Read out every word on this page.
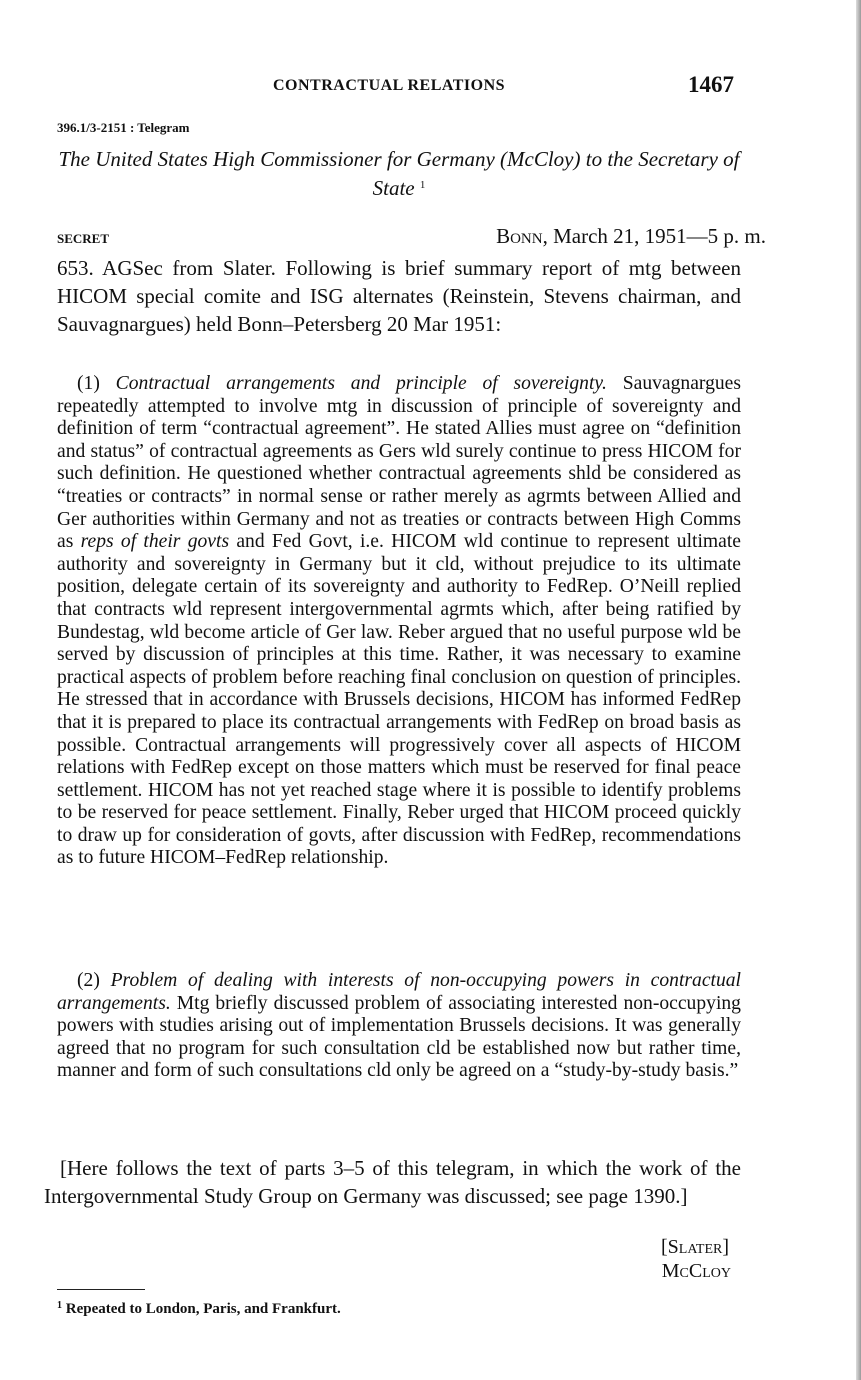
CONTRACTUAL RELATIONS	1467
396.1/3-2151 : Telegram
The United States High Commissioner for Germany (McCloy) to the Secretary of State $^1$
SECRET	Bonn, March 21, 1951—5 p. m.
653. AGSec from Slater. Following is brief summary report of mtg between HICOM special comite and ISG alternates (Reinstein, Stevens chairman, and Sauvagnargues) held Bonn–Petersberg 20 Mar 1951:
(1) Contractual arrangements and principle of sovereignty. Sauvagnargues repeatedly attempted to involve mtg in discussion of principle of sovereignty and definition of term “contractual agreement”. He stated Allies must agree on “definition and status” of contractual agreements as Gers wld surely continue to press HICOM for such definition. He questioned whether contractual agreements shld be considered as “treaties or contracts” in normal sense or rather merely as agrmts between Allied and Ger authorities within Germany and not as treaties or contracts between High Comms as reps of their govts and Fed Govt, i.e. HICOM wld continue to represent ultimate authority and sovereignty in Germany but it cld, without prejudice to its ultimate position, delegate certain of its sovereignty and authority to FedRep. O’Neill replied that contracts wld represent intergovernmental agrmts which, after being ratified by Bundestag, wld become article of Ger law. Reber argued that no useful purpose wld be served by discussion of principles at this time. Rather, it was necessary to examine practical aspects of problem before reaching final conclusion on question of principles. He stressed that in accordance with Brussels decisions, HICOM has informed FedRep that it is prepared to place its contractual arrangements with FedRep on broad basis as possible. Contractual arrangements will progressively cover all aspects of HICOM relations with FedRep except on those matters which must be reserved for final peace settlement. HICOM has not yet reached stage where it is possible to identify problems to be reserved for peace settlement. Finally, Reber urged that HICOM proceed quickly to draw up for consideration of govts, after discussion with FedRep, recommendations as to future HICOM–FedRep relationship.
(2) Problem of dealing with interests of non-occupying powers in contractual arrangements. Mtg briefly discussed problem of associating interested non-occupying powers with studies arising out of implementation Brussels decisions. It was generally agreed that no program for such consultation cld be established now but rather time, manner and form of such consultations cld only be agreed on a “study-by-study basis.”
[Here follows the text of parts 3–5 of this telegram, in which the work of the Intergovernmental Study Group on Germany was discussed; see page 1390.]
[Slater]
McCloy
$^1$ Repeated to London, Paris, and Frankfurt.
